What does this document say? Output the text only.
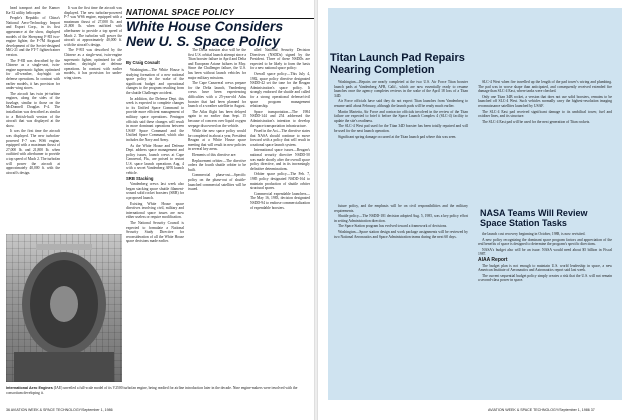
head transport and the Kamov Ka-32 utility helicopter.

People's Republic of China's National Aero-Technology Import and Export Corp., in its first appearance at the show, displayed models of the Shenyang F-8II two-engine fighter, the F-7M Airguard development of the Soviet-designed MiG-21 and the FT-7 fighter/trainer version.

The F-8II was described by the Chinese as a single-seat, twin-engine supersonic fighter, optimized for all-weather, day/night air defense operations. In contrast with earlier models, it has provision for under-wing stores.

The aircraft has twin jet-turbine engines, along the sides of the fuselage, similar to those on the McDonnell Douglas F-4. The installation was described as similar to a British-built version of the aircraft that was displayed at the show.

It was the first time the aircraft was displayed. The new turbofan-powered F-7 was WS6 engine, equipped with a maximum thrust of 27,000 lb. and 21,800 lb. when outfitted with afterburner to provide a top speed of Mach 2. The turbofan will power the aircraft at approximately 40,000 ft. with the aircraft's design.

It was the first time the aircraft was displayed. The new turbofan-powered F-7 was WS6 engine, equipped with a maximum thrust of 27,000 lb. and 21,800 lb. when outfitted with afterburner to provide a top speed of Mach 2. The turbofan will power the aircraft at approximately 40,000 ft. with the aircraft's design.

The F-8II was described by the Chinese as a single-seat, twin-engine supersonic fighter, optimized for all-weather, day/night air defense operations. In contrast with earlier models, it has provision for under-wing stores.

NATIONAL SPACE POLICY
White House Considers New U. S. Space Policy
By Craig Covault

Washington—The White House is studying formation of a new national space policy in the wake of the significant budget and operational changes to the program resulting from the shuttle Challenger accident.

In addition, the Defense Dept. this week is expected to complete changes to its Unified Space Command to provide more efficient management of military space operations. Pentagon officials said these changes will result in more dominant operations between USAF Space Command and the Unified Space Command, which also includes the Navy and Army.

As the White House and Defense Dept. address space management and policy issues, launch crews at Cape Canaveral, Fla., are poised to restart U.S. space launch operations Aug. 4 with a secret Vandenberg AFB launch vehicle.

SRB Stacking

Vandenberg crews last week also began stacking space shuttle filament-wound solid rocket boosters (SRB) for a proposed launch.

Existing White House space directives involving civil, military and international space issues are now either useless or require modification.

The National Security Council is expected to formulate a National Security Study Directive for reconsideration of all the White House space decisions made earlier.

The Delta mission also will be the first U.S. orbital launch attempt since a Titan booster failure in April and Delta and European Ariane failures in May. Since the Challenger failure, the U.S. has been without launch vehicles for major military missions.

The Cape Canaveral crews prepare for the Delta launch, Vandenberg crews have been experiencing difficulties with a 25-year-old Atlas booster that had been planned for launch of a weather satellite in August.

The Atlas flight has been delayed again to no earlier than Sept. 15 because of concern over liquid oxygen seepage discovered on the vehicle.

While the new space policy would be completed in about a year, President Reagan at a White House space meeting that will result in new policies in several key areas.

Elements of this directive are:

Replacement orbiter—The directive orders the fourth shuttle orbiter to be built.

Commercial phase-out—Specific policy on the phase-out of shuttle-launched commercial satellites will be issued.

ulled National Security Decision Directives (NSDDs) signed by the President. Three of these NSDDs are expected to be likely to form the basis for a new national space policy:

Overall space policy—This July 4, 1982, space policy directive designated NSDD-42 set the tone for the Reagan Administration's space policy. It strongly endorsed the shuttle and called for a strong operational defense/civil space program management relationship.

Space transportation—The 1984 NSDD-144 and 254 addressed the Administration's intention to develop the space transportation infrastructure.

Fixed in the Act—The directive states that NASA should continue to move forward with a policy that will result in a national space launch system.

International space issues—Reagan's national security directive NSDD-50 was made shortly after the overall space policy directive, and in its increasingly definitive determinations.

Orbiter space policy—The Feb. 7, 1985 policy designated NSDD-164 to maintain production of shuttle orbiter structural spares.

Commercial expendable launchers—The May 16, 1983, decision designated NSDD-94 to endorse commercialization of expendable boosters.

International Aero Engines (IAE) unveiled a full-scale model of its V2500 turbofan engine, being readied for airline introduction later in the decade. Nine engine-makers were involved with the consortium developing it.
36 AVIATION WEEK & SPACE TECHNOLOGY/September 1, 1986
Titan Launch Pad Repairs Nearing Completion

Washington—Repairs are nearly completed at the two U.S. Air Force Titan booster launch pads at Vandenberg AFB, Calif., which are now essentially ready to resume launches once the agency completes reviews in the wake of the April 18 loss of a Titan 34D.

Air Force officials have said they do not expect Titan launches from Vandenberg to resume until about February, although the launch pads will be ready much earlier.

Martin Marietta, Air Force and contractor officials involved in the review of the Titan failure are expected to brief it before the Space Launch Complex 4 (SLC-4) facility to update the site's readiness.

The SLC-4 West pad used for the Titan 34D booster has been totally repaired and will be used for the next launch operation.

Significant spring damage occurred at the Titan launch pad where this was seen.

SLC-4 West when fire travelled up the length of the pad tower's wiring and plumbing. The pad was in worse shape than anticipated, and consequently received extended fire damage than SLC-4 East, where tanks were checked.

Only one Titan 34B rocket, a version that does not use solid boosters, remains to be launched off SLC-4 West. Such vehicles normally carry the highest-resolution imaging reconnaissance satellites launched by USAF.

The SLC-4 East pad received significant damage to its umbilical tower, fuel and oxidizer lines, and its structure.

The SLC-4 East pad will be used for the next generation of Titan rockets.

future policy, and the emphasis will be on civil responsibilities and the military requirements.

Shuttle policy—The NSDD-181 decision adopted Aug. 5, 1985, was a key policy effort in setting Administration direction.

The Space Station program has evolved toward a framework of decisions.

Washington—Space station design and work package assignments will be reviewed by two National Aeronautics and Space Administration teams during the next 60 days.

NASA Teams Will Review Space Station Tasks

the launch cost recovery beginning in October, 1988, is now revisited.

A new policy recognizing the dominant space program factors and appreciation of the real benefits of space is designed to determine the program's specific directions.

NASA's budget also will be an issue. NASA would need about $5 billion in Fiscal 1987.

AIAA Report

The budget plan is not enough to maintain U.S. world leadership in space, a new American Institute of Aeronautics and Astronautics report said last week.

The current sequential budget policy simply creates a risk that the U.S. will not remain a second-class power in space.

AVIATION WEEK & SPACE TECHNOLOGY/September 1, 1986 37
